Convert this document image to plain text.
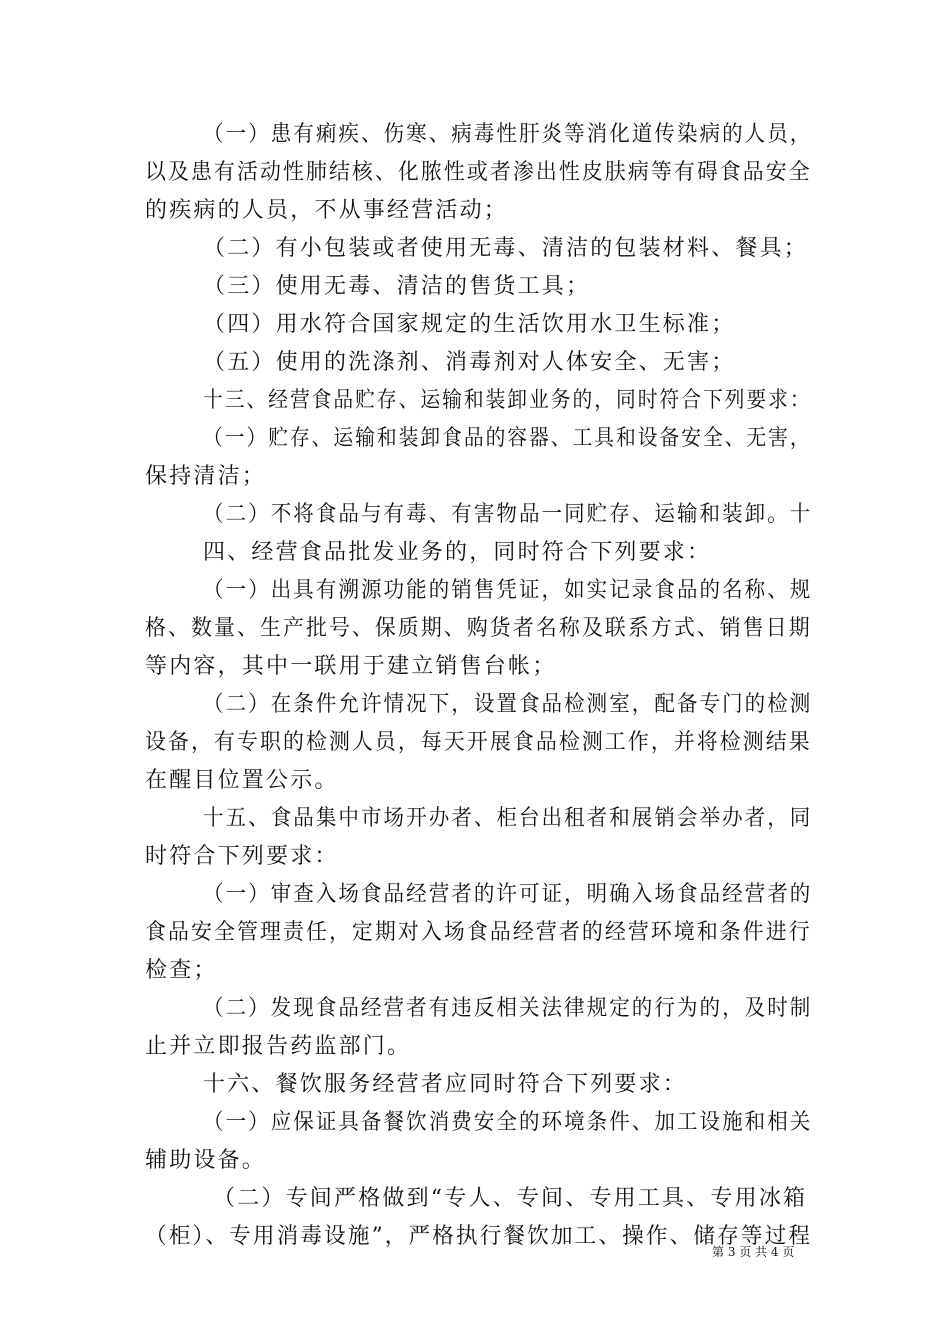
（一）患有痢疾、伤寒、病毒性肝炎等消化道传染病的人员，
以及患有活动性肺结核、化脓性或者渗出性皮肤病等有碍食品安全
的疾病的人员，不从事经营活动；
（二）有小包装或者使用无毒、清洁的包装材料、餐具；
（三）使用无毒、清洁的售货工具；
（四）用水符合国家规定的生活饮用水卫生标准；
（五）使用的洗涤剂、消毒剂对人体安全、无害；
十三、经营食品贮存、运输和装卸业务的，同时符合下列要求：
（一）贮存、运输和装卸食品的容器、工具和设备安全、无害，
保持清洁；
（二）不将食品与有毒、有害物品一同贮存、运输和装卸。十
四、经营食品批发业务的，同时符合下列要求：
（一）出具有溯源功能的销售凭证，如实记录食品的名称、规
格、数量、生产批号、保质期、购货者名称及联系方式、销售日期
等内容，其中一联用于建立销售台帐；
（二）在条件允许情况下，设置食品检测室，配备专门的检测
设备，有专职的检测人员，每天开展食品检测工作，并将检测结果
在醒目位置公示。
十五、食品集中市场开办者、柜台出租者和展销会举办者，同
时符合下列要求：
（一）审查入场食品经营者的许可证，明确入场食品经营者的
食品安全管理责任，定期对入场食品经营者的经营环境和条件进行
检查；
（二）发现食品经营者有违反相关法律规定的行为的，及时制
止并立即报告药监部门。
十六、餐饮服务经营者应同时符合下列要求：
（一）应保证具备餐饮消费安全的环境条件、加工设施和相关
辅助设备。
（二）专间严格做到“专人、专间、专用工具、专用冰箱
（柜）、专用消毒设施”，严格执行餐饮加工、操作、储存等过程
第 3 页 共 4 页
